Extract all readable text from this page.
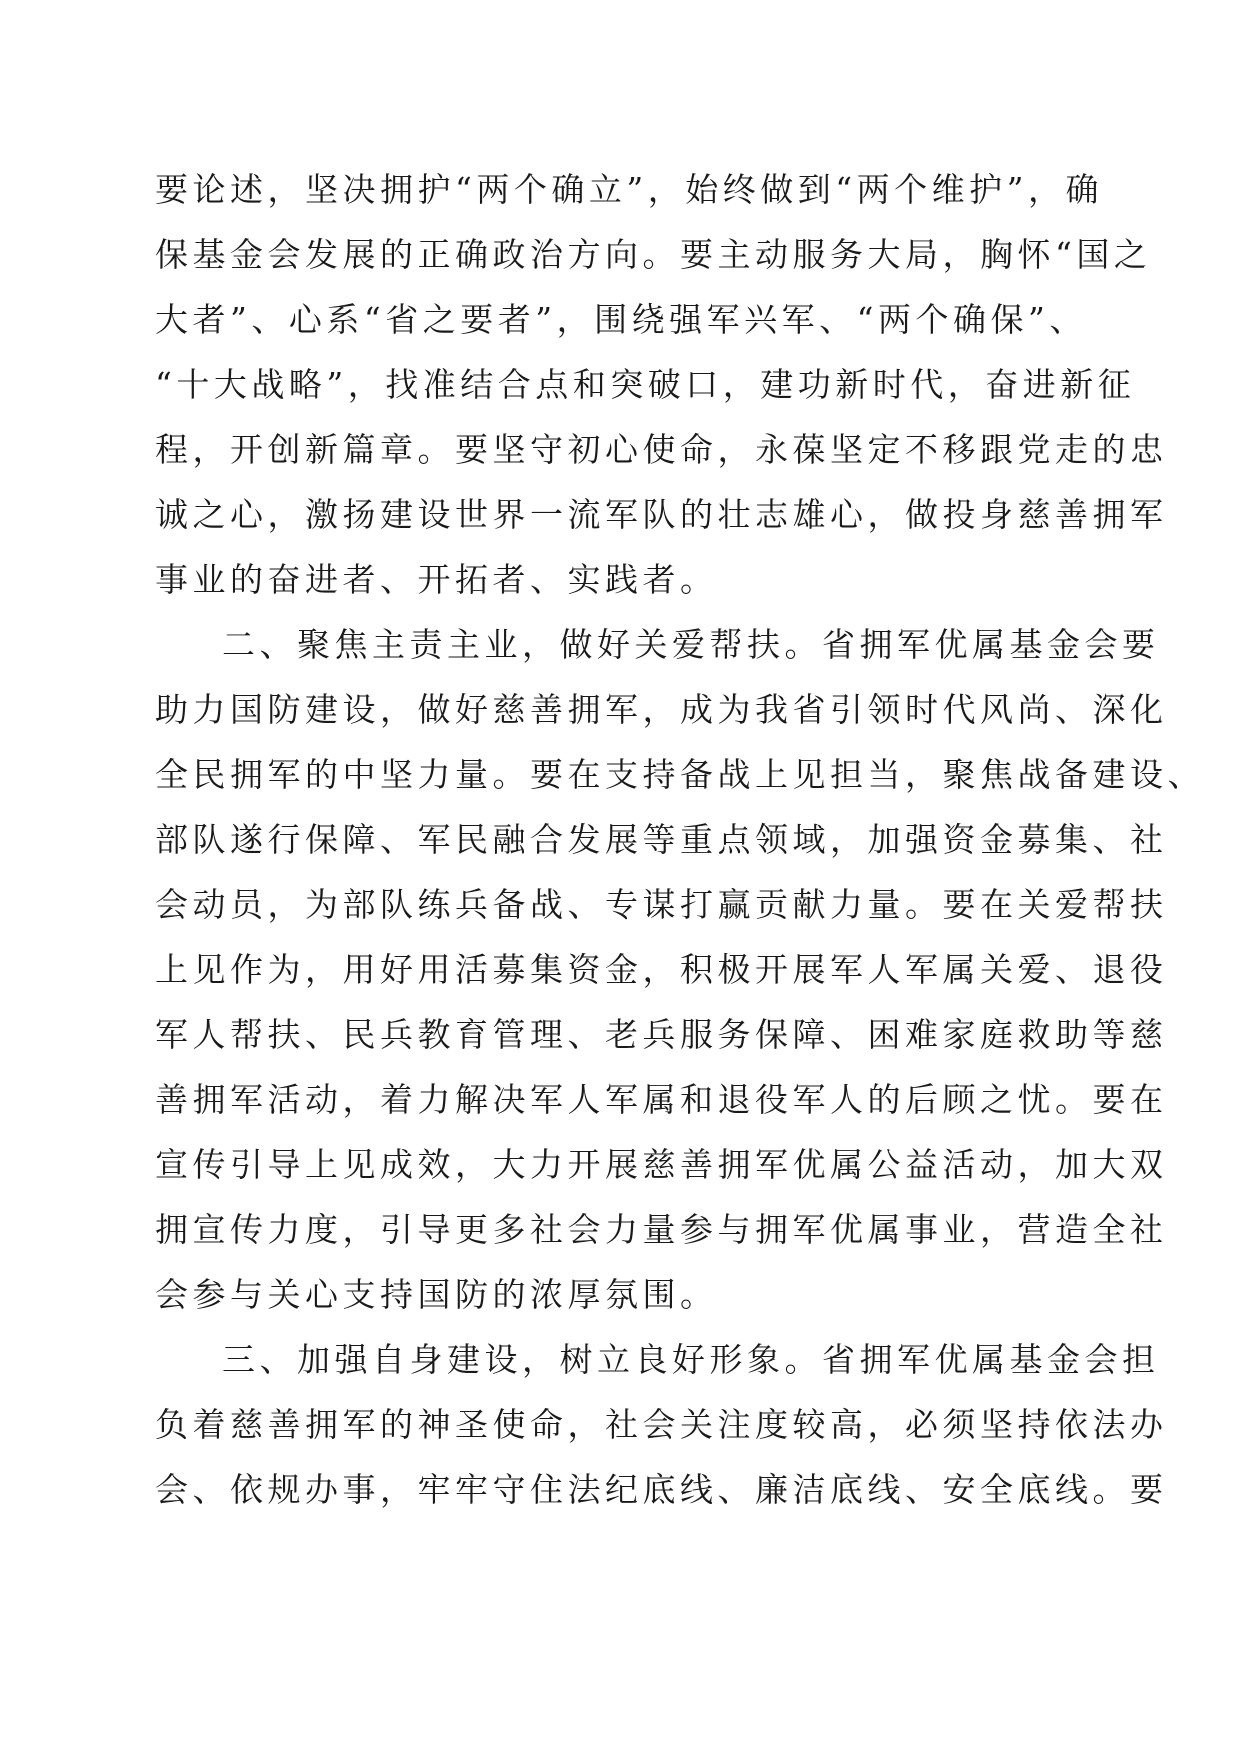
要论述，坚决拥护“两个确立”，始终做到“两个维护”，确
保基金会发展的正确政治方向。要主动服务大局，胸怀“国之
大者”、心系“省之要者”，围绕强军兴军、“两个确保”、
“十大战略”，找准结合点和突破口，建功新时代，奋进新征
程，开创新篇章。要坚守初心使命，永葆坚定不移跟党走的忠
诚之心，激扬建设世界一流军队的壮志雄心，做投身慈善拥军
事业的奋进者、开拓者、实践者。
二、聚焦主责主业，做好关爱帮扶。省拥军优属基金会要
助力国防建设，做好慈善拥军，成为我省引领时代风尚、深化
全民拥军的中坚力量。要在支持备战上见担当，聚焦战备建设、
部队遂行保障、军民融合发展等重点领域，加强资金募集、社
会动员，为部队练兵备战、专谋打赢贡献力量。要在关爱帮扶
上见作为，用好用活募集资金，积极开展军人军属关爱、退役
军人帮扶、民兵教育管理、老兵服务保障、困难家庭救助等慈
善拥军活动，着力解决军人军属和退役军人的后顾之忧。要在
宣传引导上见成效，大力开展慈善拥军优属公益活动，加大双
拥宣传力度，引导更多社会力量参与拥军优属事业，营造全社
会参与关心支持国防的浓厚氛围。
三、加强自身建设，树立良好形象。省拥军优属基金会担
负着慈善拥军的神圣使命，社会关注度较高，必须坚持依法办
会、依规办事，牢牢守住法纪底线、廉洁底线、安全底线。要
